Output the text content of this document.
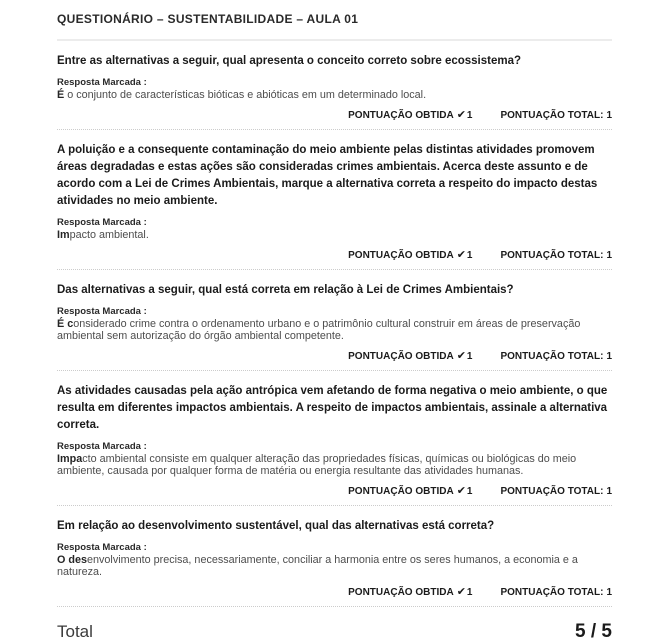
QUESTIONÁRIO – SUSTENTABILIDADE – AULA 01
Entre as alternativas a seguir, qual apresenta o conceito correto sobre ecossistema?
Resposta Marcada :
É o conjunto de características bióticas e abióticas em um determinado local.
PONTUAÇÃO OBTIDA ✔1	PONTUAÇÃO TOTAL: 1
A poluição e a consequente contaminação do meio ambiente pelas distintas atividades promovem áreas degradadas e estas ações são consideradas crimes ambientais. Acerca deste assunto e de acordo com a Lei de Crimes Ambientais, marque a alternativa correta a respeito do impacto destas atividades no meio ambiente.
Resposta Marcada :
Impacto ambiental.
PONTUAÇÃO OBTIDA ✔1	PONTUAÇÃO TOTAL: 1
Das alternativas a seguir, qual está correta em relação à Lei de Crimes Ambientais?
Resposta Marcada :
É considerado crime contra o ordenamento urbano e o patrimônio cultural construir em áreas de preservação ambiental sem autorização do órgão ambiental competente.
PONTUAÇÃO OBTIDA ✔1	PONTUAÇÃO TOTAL: 1
As atividades causadas pela ação antrópica vem afetando de forma negativa o meio ambiente, o que resulta em diferentes impactos ambientais. A respeito de impactos ambientais, assinale a alternativa correta.
Resposta Marcada :
Impacto ambiental consiste em qualquer alteração das propriedades físicas, químicas ou biológicas do meio ambiente, causada por qualquer forma de matéria ou energia resultante das atividades humanas.
PONTUAÇÃO OBTIDA ✔1	PONTUAÇÃO TOTAL: 1
Em relação ao desenvolvimento sustentável, qual das alternativas está correta?
Resposta Marcada :
O desenvolvimento precisa, necessariamente, conciliar a harmonia entre os seres humanos, a economia e a natureza.
PONTUAÇÃO OBTIDA ✔1	PONTUAÇÃO TOTAL: 1
Total	5 / 5
